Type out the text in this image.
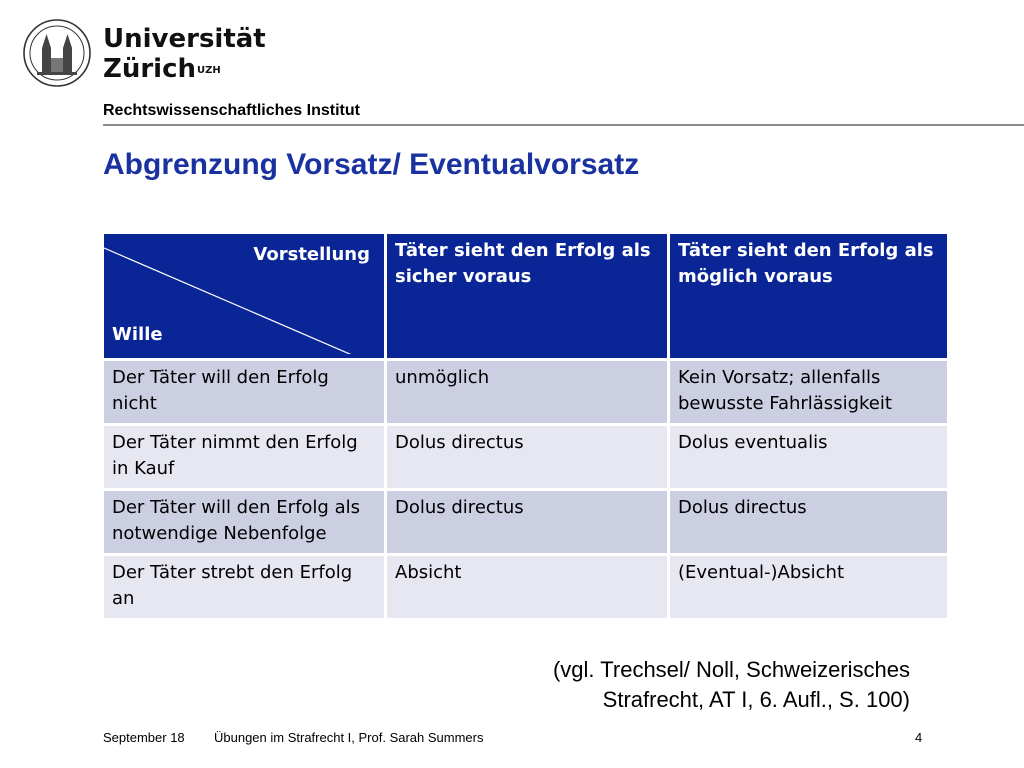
Universität
Zürich$^{UZH}$
Rechtswissenschaftliches Institut
Abgrenzung Vorsatz/ Eventualvorsatz
Vorstellung
Wille	Täter sieht den Erfolg als sicher voraus	Täter sieht den Erfolg als möglich voraus
Der Täter will den Erfolg nicht	unmöglich	Kein Vorsatz; allenfalls bewusste Fahrlässigkeit
Der Täter nimmt den Erfolg in Kauf	Dolus directus	Dolus eventualis
Der Täter will den Erfolg als notwendige Nebenfolge	Dolus directus	Dolus directus
Der Täter strebt den Erfolg an	Absicht	(Eventual-)Absicht
(vgl. Trechsel/ Noll, Schweizerisches
Strafrecht, AT I, 6. Aufl., S. 100)
September 18 Übungen im Strafrecht I, Prof. Sarah Summers	4
